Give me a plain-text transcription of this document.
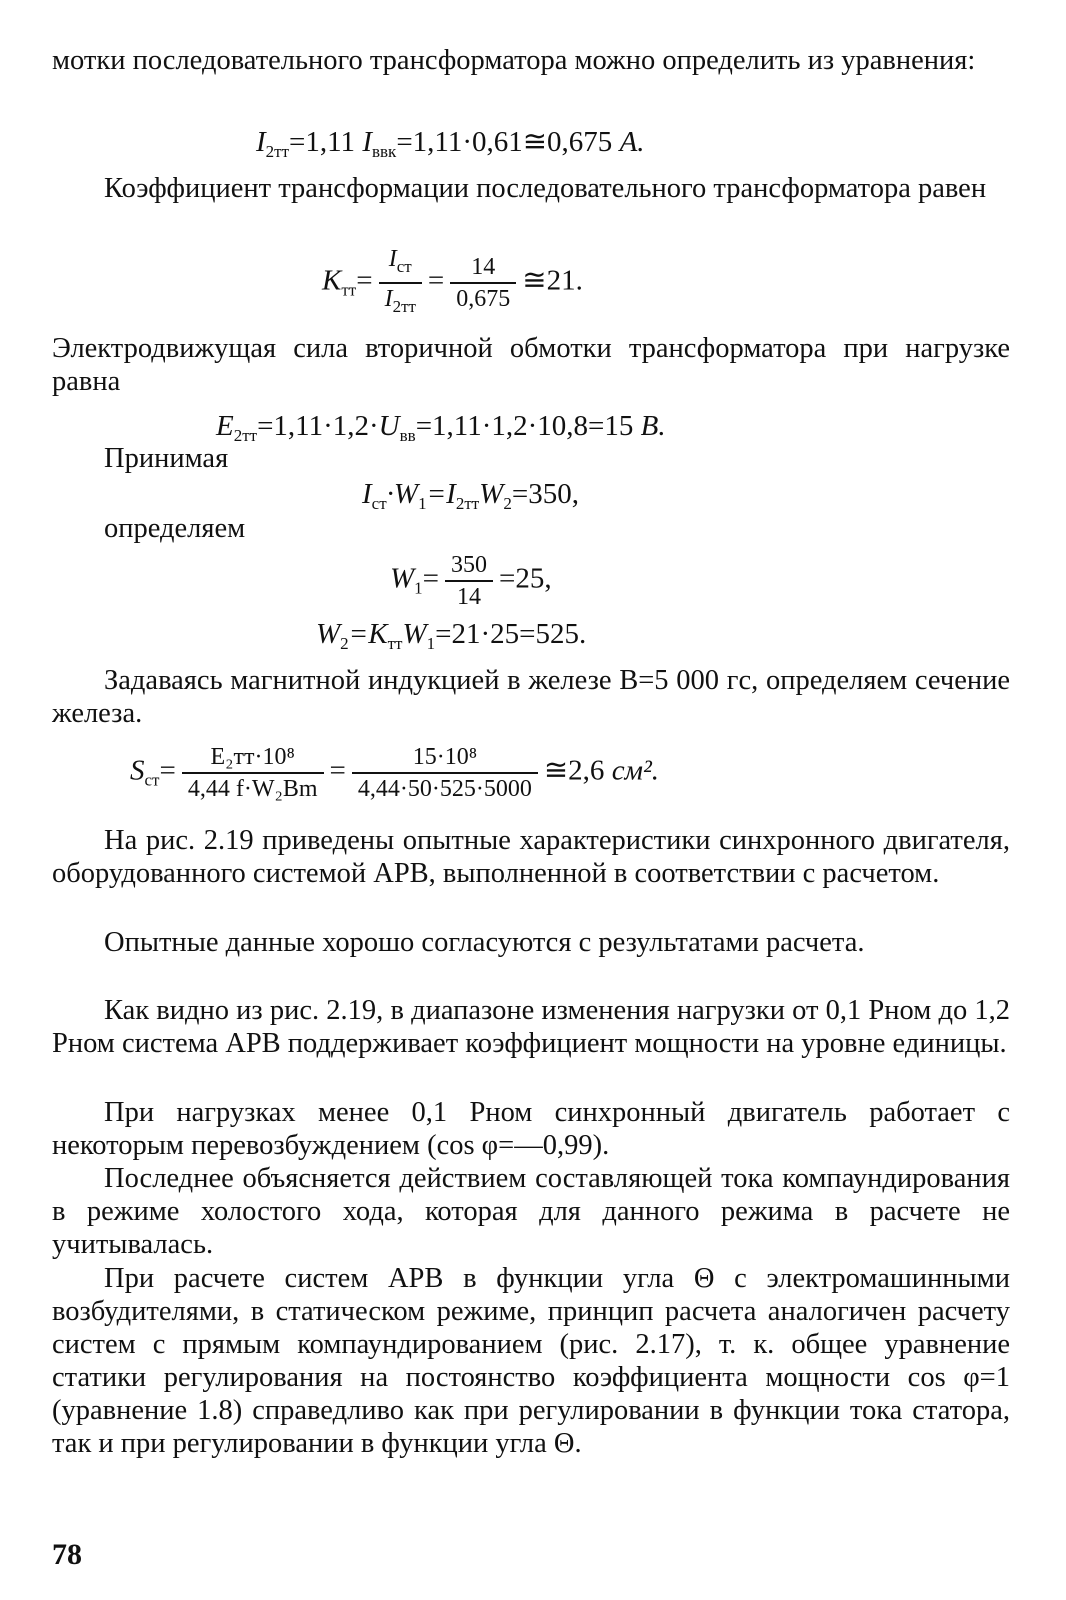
мотки последовательного трансформатора можно определить из уравнения:

$I_{2тт}=1,11$ $I_{ввк}=1,11\cdot 0,61≅0,675$ A.

Коэффициент трансформации последовательного трансформатора равен

$K_{тт}= \frac{I_{ст}}{I_{2тт}} = \frac{14}{0,675}$ ≅21.

Электродвижущая сила вторичной обмотки трансформатора при нагрузке равна

$E_{2тт}=1,11\cdot 1,2\cdot U_{вв}=1,11\cdot 1,2\cdot 10,8=15$ В.

Принимая

$I_{ст}\cdot W_1=I_{2тт}W_2=350$,

определяем

$W_1= \frac{350}{14} =25$,
$W_2=K_{тт}W_1=21\cdot 25=525$.

Задаваясь магнитной индукцией в железе B=5 000 гс, определяем сечение железа.

$S_{ст}= \frac{\text{E₂тт·10⁸}}{\text{4,44 f·W₂Bm}} = \frac{\text{15·10⁸}}{4,44\cdot 50\cdot 525\cdot 5000}$ ≅2,6 см².

На рис. 2.19 приведены опытные характеристики синхронного двигателя, оборудованного системой АРВ, выполненной в соответствии с расчетом.

Опытные данные хорошо согласуются с результатами расчета.

Как видно из рис. 2.19, в диапазоне изменения нагрузки от 0,1 Pном до 1,2 Pном система АРВ поддерживает коэффициент мощности на уровне единицы.

При нагрузках менее 0,1 Pном синхронный двигатель работает с некоторым перевозбуждением (cos φ=—0,99).

Последнее объясняется действием составляющей тока компаундирования в режиме холостого хода, которая для данного режима в расчете не учитывалась.

При расчете систем АРВ в функции угла Θ с электромашинными возбудителями, в статическом режиме, принцип расчета аналогичен расчету систем с прямым компаундированием (рис. 2.17), т. к. общее уравнение статики регулирования на постоянство коэффициента мощности cos φ=1 (уравнение 1.8) справедливо как при регулировании в функции тока статора, так и при регулировании в функции угла Θ.

78
